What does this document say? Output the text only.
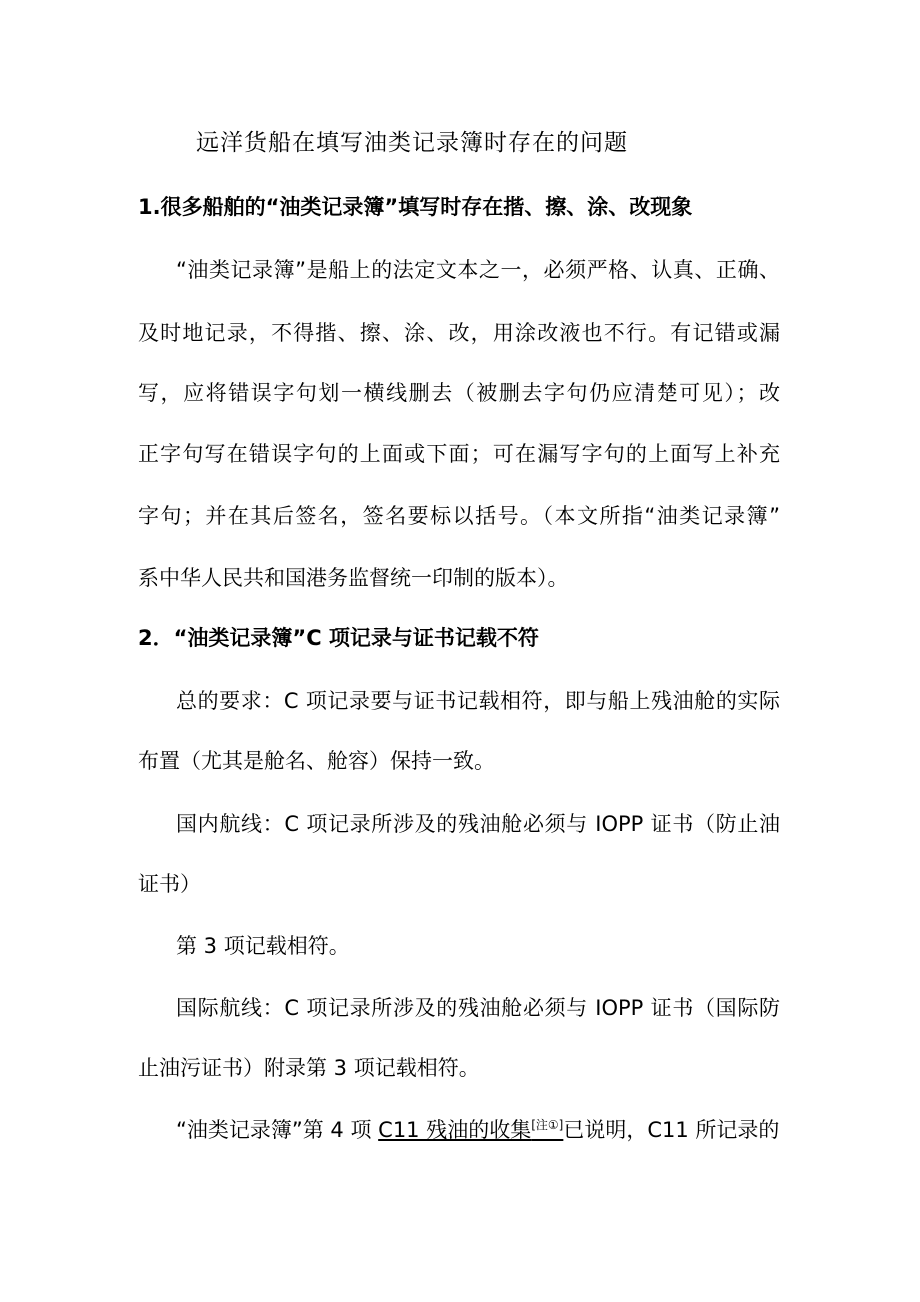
远洋货船在填写油类记录簿时存在的问题
1.很多船舶的“油类记录簿”填写时存在揩、擦、涂、改现象
“油类记录簿”是船上的法定文本之一，必须严格、认真、正确、
及时地记录，不得揩、擦、涂、改，用涂改液也不行。有记错或漏
写，应将错误字句划一横线删去（被删去字句仍应清楚可见）；改
正字句写在错误字句的上面或下面；可在漏写字句的上面写上补充
字句；并在其后签名，签名要标以括号。（本文所指“油类记录簿”
系中华人民共和国港务监督统一印制的版本）。
2．“油类记录簿”C 项记录与证书记载不符
总的要求：C 项记录要与证书记载相符，即与船上残油舱的实际
布置（尤其是舱名、舱容）保持一致。
国内航线：C 项记录所涉及的残油舱必须与 IOPP 证书（防止油
证书）
第 3 项记载相符。
国际航线：C 项记录所涉及的残油舱必须与 IOPP 证书（国际防
止油污证书）附录第 3 项记载相符。
“油类记录簿”第 4 项 C11 残油的收集[注①]已说明，C11 所记录的
